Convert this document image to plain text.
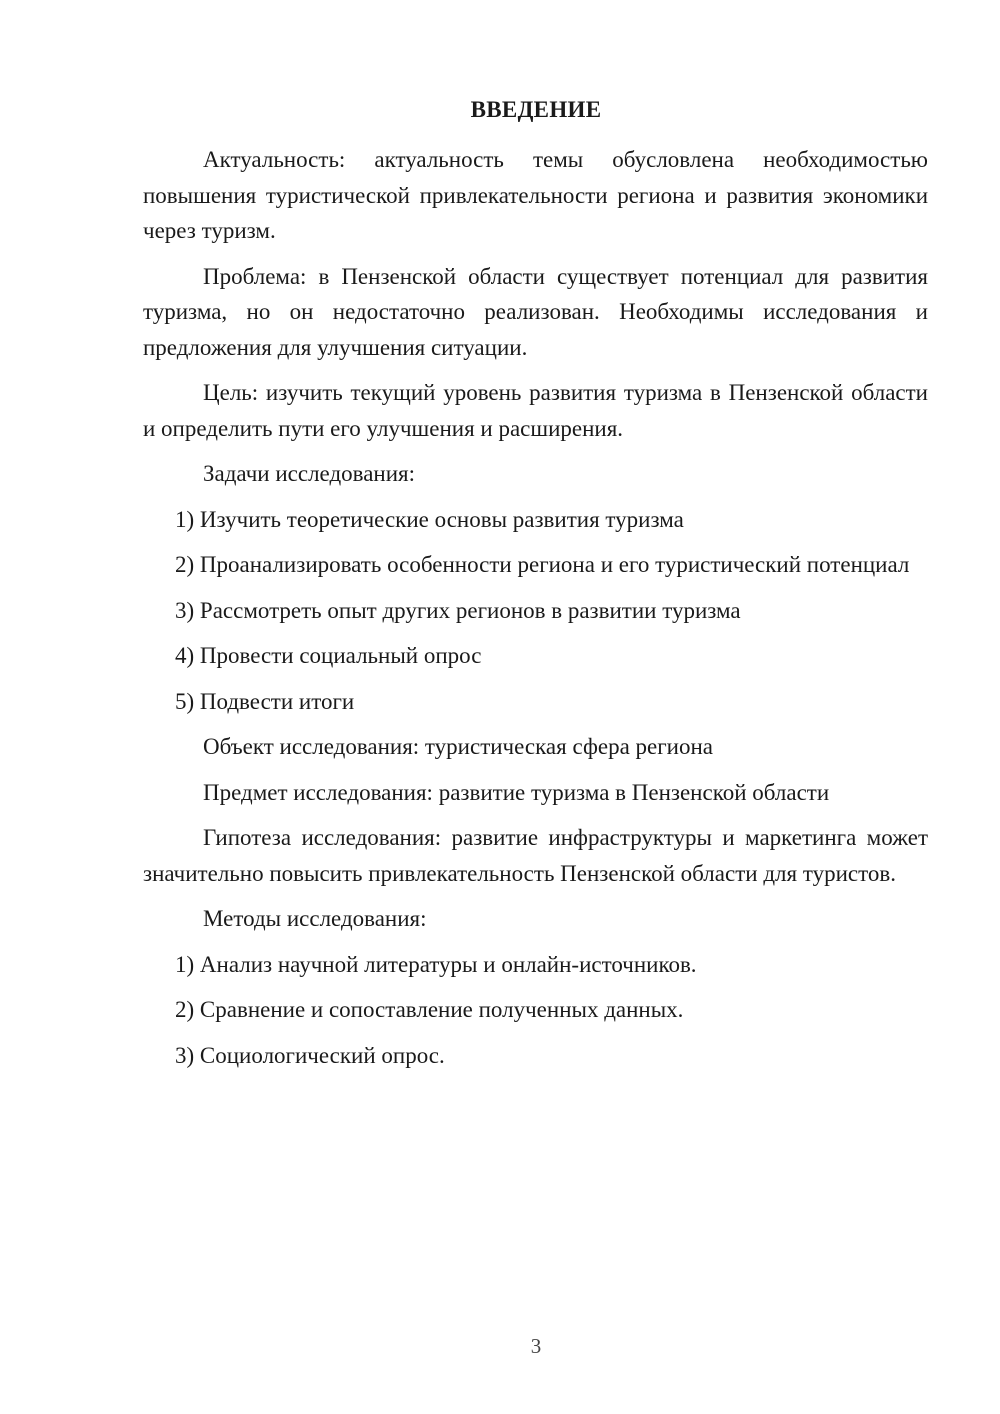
ВВЕДЕНИЕ

Актуальность: актуальность темы обусловлена необходимостью повышения туристической привлекательности региона и развития экономики через туризм.

Проблема: в Пензенской области существует потенциал для развития туризма, но он недостаточно реализован. Необходимы исследования и предложения для улучшения ситуации.

Цель: изучить текущий уровень развития туризма в Пензенской области и определить пути его улучшения и расширения.

Задачи исследования:

1) Изучить теоретические основы развития туризма

2) Проанализировать особенности региона и его туристический потенциал

3) Рассмотреть опыт других регионов в развитии туризма

4) Провести социальный опрос

5) Подвести итоги

Объект исследования: туристическая сфера региона

Предмет исследования: развитие туризма в Пензенской области

Гипотеза исследования: развитие инфраструктуры и маркетинга может значительно повысить привлекательность Пензенской области для туристов.

Методы исследования:

1) Анализ научной литературы и онлайн-источников.

2) Сравнение и сопоставление полученных данных.

3) Социологический опрос.

3
